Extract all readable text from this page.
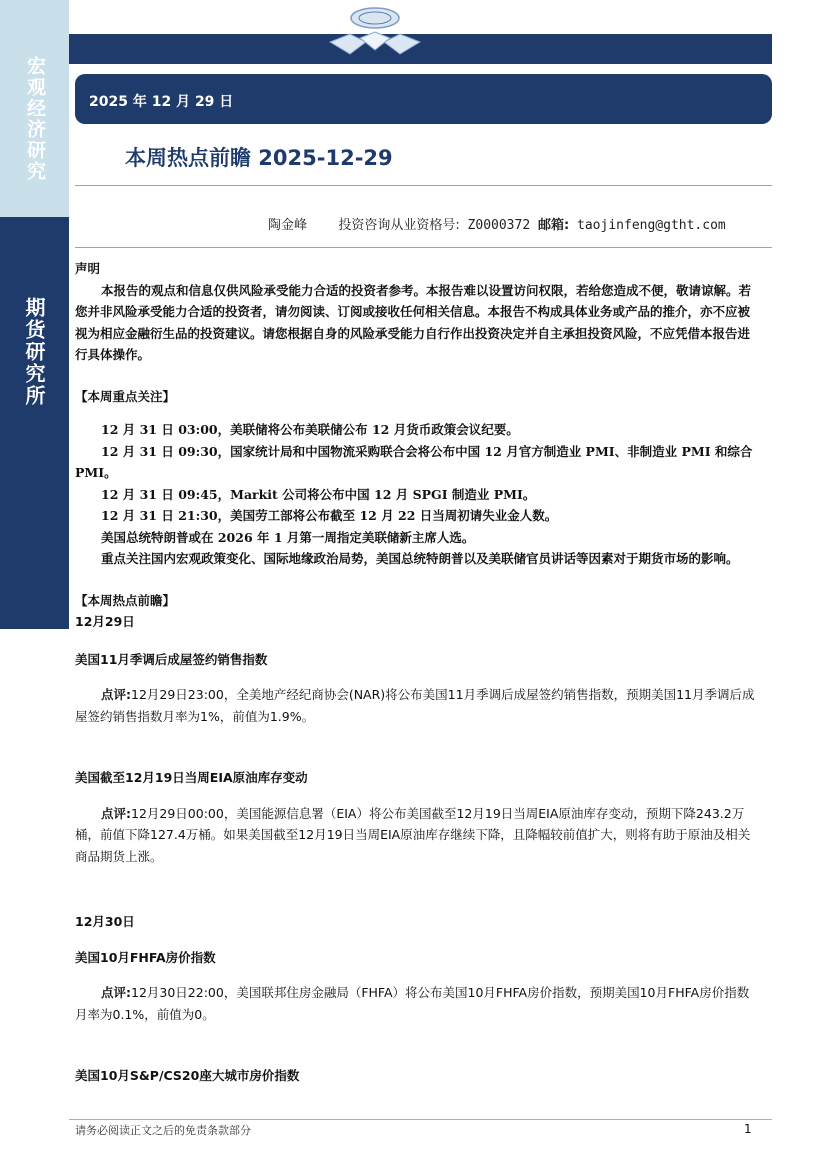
宏观经济研究
期货研究所
2025 年 12 月 29 日
本周热点前瞻 2025-12-29
陶金峰 投资咨询从业资格号: Z0000372 邮箱: taojinfeng@gtht.com
声明
本报告的观点和信息仅供风险承受能力合适的投资者参考。本报告难以设置访问权限，若给您造成不便，敬请谅解。若您并非风险承受能力合适的投资者，请勿阅读、订阅或接收任何相关信息。本报告不构成具体业务或产品的推介，亦不应被视为相应金融衍生品的投资建议。请您根据自身的风险承受能力自行作出投资决定并自主承担投资风险，不应凭借本报告进行具体操作。
【本周重点关注】
12 月 31 日 03:00，美联储将公布美联储公布 12 月货币政策会议纪要。
12 月 31 日 09:30，国家统计局和中国物流采购联合会将公布中国 12 月官方制造业 PMI、非制造业 PMI 和综合 PMI。
12 月 31 日 09:45，Markit 公司将公布中国 12 月 SPGI 制造业 PMI。
12 月 31 日 21:30，美国劳工部将公布截至 12 月 22 日当周初请失业金人数。
美国总统特朗普或在 2026 年 1 月第一周指定美联储新主席人选。
重点关注国内宏观政策变化、国际地缘政治局势，美国总统特朗普以及美联储官员讲话等因素对于期货市场的影响。
【本周热点前瞻】
12月29日
美国11月季调后成屋签约销售指数
点评:12月29日23:00，全美地产经纪商协会(NAR)将公布美国11月季调后成屋签约销售指数，预期美国11月季调后成屋签约销售指数月率为1%，前值为1.9%。
美国截至12月19日当周EIA原油库存变动
点评:12月29日00:00，美国能源信息署（EIA）将公布美国截至12月19日当周EIA原油库存变动，预期下降243.2万桶，前值下降127.4万桶。如果美国截至12月19日当周EIA原油库存继续下降，且降幅较前值扩大，则将有助于原油及相关商品期货上涨。
12月30日
美国10月FHFA房价指数
点评:12月30日22:00，美国联邦住房金融局（FHFA）将公布美国10月FHFA房价指数，预期美国10月FHFA房价指数月率为0.1%，前值为0。
美国10月S&P/CS20座大城市房价指数
请务必阅读正文之后的免责条款部分	1
